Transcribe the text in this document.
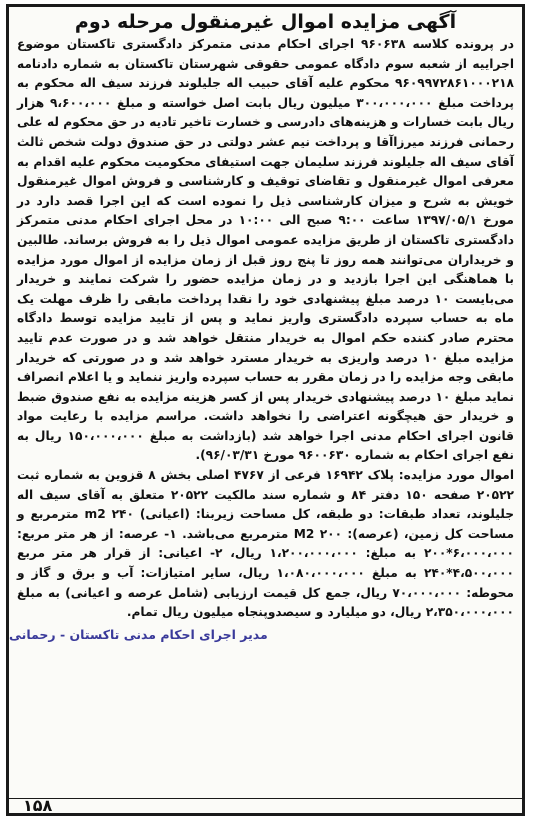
آگهی مزایده اموال غیرمنقول مرحله دوم

در پرونده کلاسه ۹۶۰۶۳۸ اجرای احکام مدنی متمرکز دادگستری تاکستان موضوع اجراییه از شعبه سوم دادگاه عمومی حقوقی شهرستان تاکستان به شماره دادنامه ۹۶۰۹۹۷۲۸۶۱۰۰۰۲۱۸ محکوم علیه آقای حبیب اله جلیلوند فرزند سیف اله محکوم به پرداخت مبلغ ۳۰۰،۰۰۰،۰۰۰ میلیون ریال بابت اصل خواسته و مبلغ ۹،۶۰۰،۰۰۰ هزار ریال بابت خسارات و هزینه‌های دادرسی و خسارت تاخیر تادیه در حق محکوم له علی رحمانی فرزند میرزاآقا و پرداخت نیم عشر دولتی در حق صندوق دولت شخص ثالث آقای سیف اله جلیلوند فرزند سلیمان جهت استیفای محکومیت محکوم علیه اقدام به معرفی اموال غیرمنقول و تقاضای توقیف و کارشناسی و فروش اموال غیرمنقول خویش به شرح و میزان کارشناسی ذیل را نموده است که این اجرا قصد دارد در مورخ ۱۳۹۷/۰۵/۱ ساعت ۹:۰۰ صبح الی ۱۰:۰۰ در محل اجرای احکام مدنی متمرکز دادگستری تاکستان از طریق مزایده عمومی اموال ذیل را به فروش برساند. طالبین و خریداران می‌توانند همه روز تا پنج روز قبل از زمان مزایده از اموال مورد مزایده با هماهنگی این اجرا بازدید و در زمان مزایده حضور را شرکت نمایند و خریدار می‌بایست ۱۰ درصد مبلغ پیشنهادی خود را نقدا پرداخت مابقی را ظرف مهلت یک ماه به حساب سپرده دادگستری واریز نماید و پس از تایید مزایده توسط دادگاه محترم صادر کننده حکم اموال به خریدار منتقل خواهد شد و در صورت عدم تایید مزایده مبلغ ۱۰ درصد واریزی به خریدار مسترد خواهد شد و در صورتی که خریدار مابقی وجه مزایده را در زمان مقرر به حساب سپرده واریز ننماید و یا اعلام انصراف نماید مبلغ ۱۰ درصد پیشنهادی خریدار پس از کسر هزینه مزایده به نفع صندوق ضبط و خریدار حق هیچگونه اعتراضی را نخواهد داشت. مراسم مزایده با رعایت مواد قانون اجرای احکام مدنی اجرا خواهد شد (بازداشت به مبلغ ۱۵۰،۰۰۰،۰۰۰ ریال به نفع اجرای احکام به شماره ۹۶۰۰۶۳۰ مورخ ۹۶/۰۳/۳۱).

اموال مورد مزایده: پلاک ۱۶۹۴۲ فرعی از ۴۷۶۷ اصلی بخش ۸ قزوین به شماره ثبت ۲۰۵۲۲ صفحه ۱۵۰ دفتر ۸۴ و شماره سند مالکیت ۲۰۵۲۲ متعلق به آقای سیف اله جلیلوند، تعداد طبقات: دو طبقه، کل مساحت زیربنا: (اعیانی) m2 ۲۴۰ مترمربع و مساحت کل زمین، (عرصه): ۲۰۰ M2 مترمربع می‌باشد. ۱- عرصه: از هر متر مربع: ۶،۰۰۰،۰۰۰*۲۰۰ به مبلغ: ۱،۲۰۰،۰۰۰،۰۰۰ ریال، ۲- اعیانی: از قرار هر متر مربع ۴،۵۰۰،۰۰۰*۲۴۰ به مبلغ ۱،۰۸۰،۰۰۰،۰۰۰ ریال، سایر امتیازات: آب و برق و گاز و محوطه: ۷۰،۰۰۰،۰۰۰ ریال، جمع کل قیمت ارزیابی (شامل عرصه و اعیانی) به مبلغ ۲،۳۵۰،۰۰۰،۰۰۰ ریال، دو میلیارد و سیصدوپنجاه میلیون ریال تمام.

مدیر اجرای احکام مدنی تاکستان - رحمانی
۱۵۸
